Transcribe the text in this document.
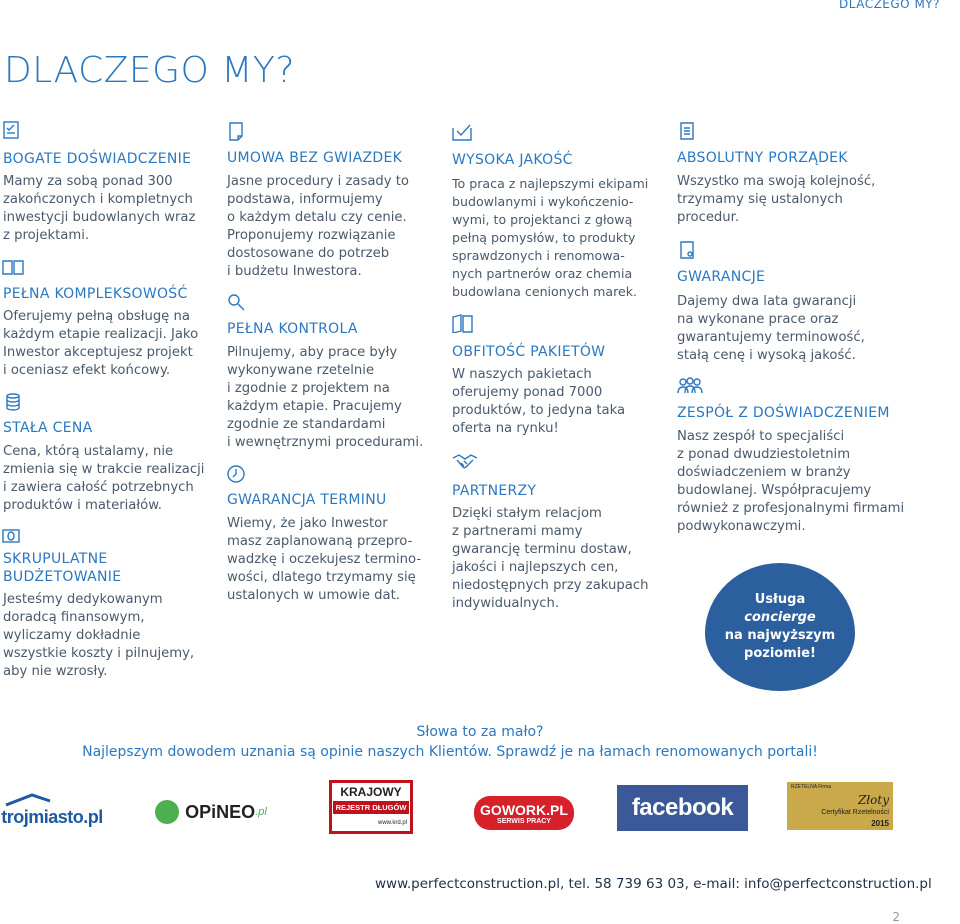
DLACZEGO MY?
DLACZEGO MY?
BOGATE DOŚWIADCZENIE
Mamy za sobą ponad 300
zakończonych i kompletnych
inwestycji budowlanych wraz
z projektami.
PEŁNA KOMPLEKSOWOŚĆ
Oferujemy pełną obsługę na
każdym etapie realizacji. Jako
Inwestor akceptujesz projekt
i oceniasz efekt końcowy.
STAŁA CENA
Cena, którą ustalamy, nie
zmienia się w trakcie realizacji
i zawiera całość potrzebnych
produktów i materiałów.
SKRUPULATNE
BUDŻETOWANIE
Jesteśmy dedykowanym
doradcą finansowym,
wyliczamy dokładnie
wszystkie koszty i pilnujemy,
aby nie wzrosły.
UMOWA BEZ GWIAZDEK
Jasne procedury i zasady to
podstawa, informujemy
o każdym detalu czy cenie.
Proponujemy rozwiązanie
dostosowane do potrzeb
i budżetu Inwestora.
PEŁNA KONTROLA
Pilnujemy, aby prace były
wykonywane rzetelnie
i zgodnie z projektem na
każdym etapie. Pracujemy
zgodnie ze standardami
i wewnętrznymi procedurami.
GWARANCJA TERMINU
Wiemy, że jako Inwestor
masz zaplanowaną przepro-
wadzkę i oczekujesz termino-
wości, dlatego trzymamy się
ustalonych w umowie dat.
WYSOKA JAKOŚĆ
To praca z najlepszymi ekipami
budowlanymi i wykończenio-
wymi, to projektanci z głową
pełną pomysłów, to produkty
sprawdzonych i renomowa-
nych partnerów oraz chemia
budowlana cenionych marek.
OBFITOŚĆ PAKIETÓW
W naszych pakietach
oferujemy ponad 7000
produktów, to jedyna taka
oferta na rynku!
PARTNERZY
Dzięki stałym relacjom
z partnerami mamy
gwarancję terminu dostaw,
jakości i najlepszych cen,
niedostępnych przy zakupach
indywidualnych.
ABSOLUTNY PORZĄDEK
Wszystko ma swoją kolejność,
trzymamy się ustalonych
procedur.
GWARANCJE
Dajemy dwa lata gwarancji
na wykonane prace oraz
gwarantujemy terminowość,
stałą cenę i wysoką jakość.
ZESPÓŁ Z DOŚWIADCZENIEM
Nasz zespół to specjaliści
z ponad dwudziestoletnim
doświadczeniem w branży
budowlanej. Współpracujemy
również z profesjonalnymi firmami
podwykonawczymi.
Usługa concierge
na najwyższym
poziomie!
Słowa to za mało?
Najlepszym dowodem uznania są opinie naszych Klientów. Sprawdź je na łamach renomowanych portali!
trojmiasto.pl	OPiNEO .pl
KRAJOWY
REJESTR DŁUGÓW
www.krd.pl
GOWORK.PL
SERWIS PRACY	facebook
RZETELNA Firma
Złoty
Certyfikat Rzetelności
2015
www.perfectconstruction.pl, tel. 58 739 63 03, e-mail: info@perfectconstruction.pl
2
